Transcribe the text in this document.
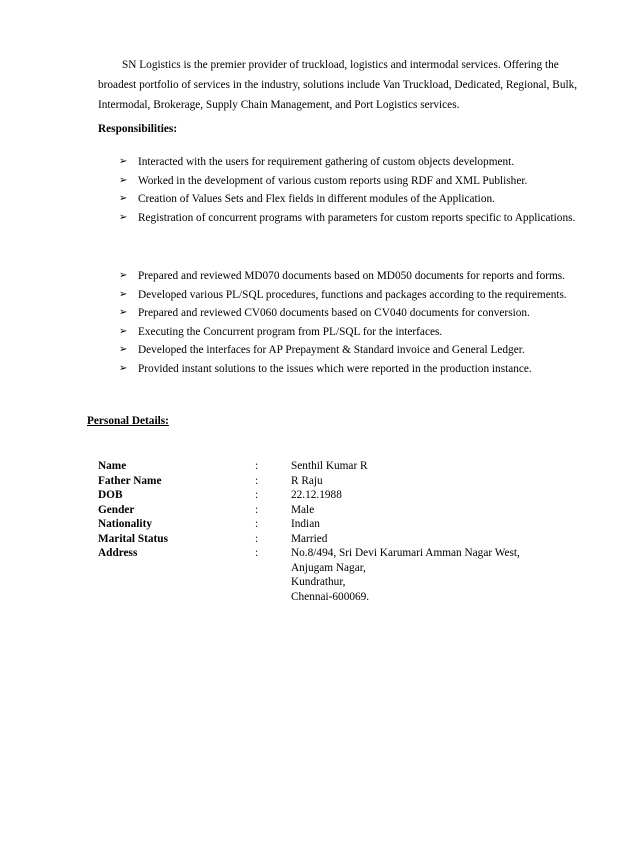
SN Logistics is the premier provider of truckload, logistics and intermodal services. Offering the broadest portfolio of services in the industry, solutions include Van Truckload, Dedicated, Regional, Bulk, Intermodal, Brokerage, Supply Chain Management, and Port Logistics services.

Responsibilities:

➢ Interacted with the users for requirement gathering of custom objects development.
➢ Worked in the development of various custom reports using RDF and XML Publisher.
➢ Creation of Values Sets and Flex fields in different modules of the Application.
➢ Registration of concurrent programs with parameters for custom reports specific to Applications.
➢ Prepared and reviewed MD070 documents based on MD050 documents for reports and forms.
➢ Developed various PL/SQL procedures, functions and packages according to the requirements.
➢ Prepared and reviewed CV060 documents based on CV040 documents for conversion.
➢ Executing the Concurrent program from PL/SQL for the interfaces.
➢ Developed the interfaces for AP Prepayment & Standard invoice and General Ledger.
➢ Provided instant solutions to the issues which were reported in the production instance.

Personal Details:

Name	:	Senthil Kumar R
Father Name	:	R Raju
DOB	:	22.12.1988
Gender	:	Male
Nationality	:	Indian
Marital Status	:	Married
Address	:	No.8/494, Sri Devi Karumari Amman Nagar West,
Anjugam Nagar,
Kundrathur,
Chennai-600069.
